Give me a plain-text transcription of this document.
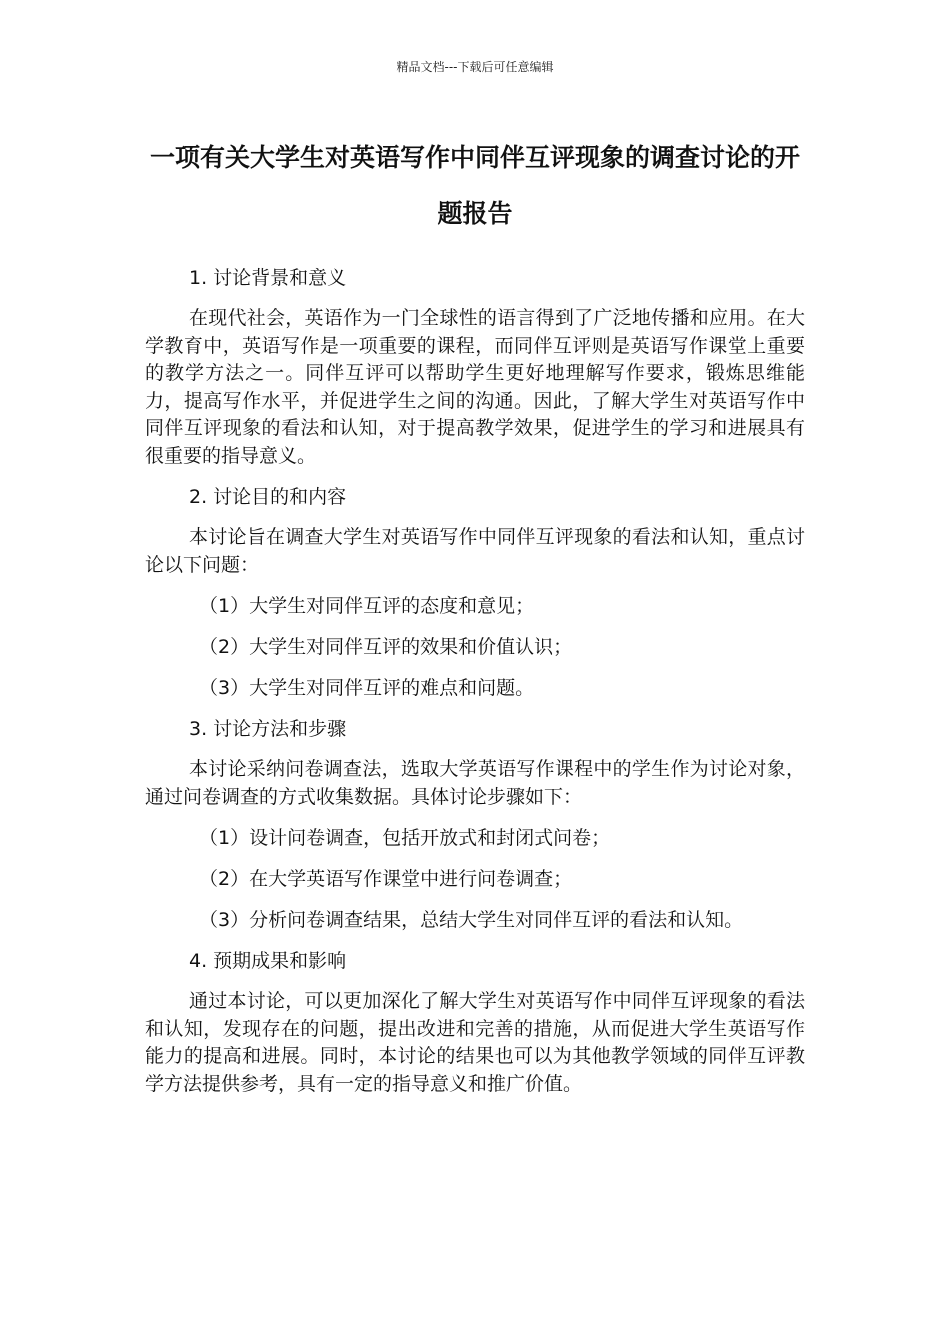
精品文档---下载后可任意编辑
一项有关大学生对英语写作中同伴互评现象的调查讨论的开题报告

1. 讨论背景和意义

在现代社会，英语作为一门全球性的语言得到了广泛地传播和应用。在大学教育中，英语写作是一项重要的课程，而同伴互评则是英语写作课堂上重要的教学方法之一。同伴互评可以帮助学生更好地理解写作要求，锻炼思维能力，提高写作水平，并促进学生之间的沟通。因此，了解大学生对英语写作中同伴互评现象的看法和认知，对于提高教学效果，促进学生的学习和进展具有很重要的指导意义。

2. 讨论目的和内容

本讨论旨在调查大学生对英语写作中同伴互评现象的看法和认知，重点讨论以下问题：

（1）大学生对同伴互评的态度和意见；

（2）大学生对同伴互评的效果和价值认识；

（3）大学生对同伴互评的难点和问题。

3. 讨论方法和步骤

本讨论采纳问卷调查法，选取大学英语写作课程中的学生作为讨论对象，通过问卷调查的方式收集数据。具体讨论步骤如下：

（1）设计问卷调查，包括开放式和封闭式问卷；

（2）在大学英语写作课堂中进行问卷调查；

（3）分析问卷调查结果，总结大学生对同伴互评的看法和认知。

4. 预期成果和影响

通过本讨论，可以更加深化了解大学生对英语写作中同伴互评现象的看法和认知，发现存在的问题，提出改进和完善的措施，从而促进大学生英语写作能力的提高和进展。同时，本讨论的结果也可以为其他教学领域的同伴互评教学方法提供参考，具有一定的指导意义和推广价值。
